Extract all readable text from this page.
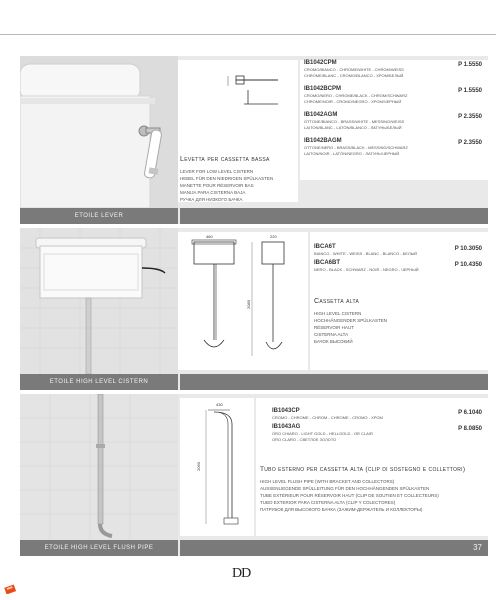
ETOILE LEVER
Levetta per cassetta bassa
LEVER FOR LOW LEVEL CISTERN
HEBEL FÜR DEN NIEDRIGEN SPÜLKASTEN
MANETTE POUR RÉSERVOIR BAS
MANIJA PARA CISTERNA BAJA
РУЧКА ДЛЯ НИЗКОГО БАЧКА
IB1042CPM
CROMO/BIANCO - CHROME/WHITE - CHROM/WEISS
CHROME/BLANC - CROMO/BLANCO - ХРОМ/БЕЛЫЙ
P 1.5550
IB1042BCPM
CROMO/NERO - CHROME/BLACK - CHROM/SCHWARZ
CHROME/NOIR - CROMO/NEGRO - ХРОМ/ЧЕРНЫЙ
P 1.5550
IB1042AGM
OTTONE/BIANCO - BRASS/WHITE - MESSING/WEISS
LAITON/BLANC - LATÓN/BLANCO - ЛАТУНЬ/БЕЛЫЙ
P 2.3550
IB1042BAGM
OTTONE/NERO - BRASS/BLACK - MESSING/SCHWARZ
LAITON/NOIR - LATÓN/NEGRO - ЛАТУНЬ/ЧЕРНЫЙ
P 2.3550
ETOILE HIGH LEVEL CISTERN
460	220
2080
IBCA6T
BIANCO - WHITE - WEISS - BLANC - BLANCO - БЕЛЫЙ
P 10.3050
IBCA6BT
NERO - BLACK - SCHWARZ - NOIR - NEGRO - ЧЕРНЫЙ
P 10.4350
Cassetta alta
HIGH LEVEL CISTERN
HOCHHÄNGENDER SPÜLKASTEN
RÉSERVOIR HAUT
CISTERNA ALTA
БАЧОК ВЫСОКИЙ
ETOILE HIGH LEVEL FLUSH PIPE
430
2060
IB1043CP
CROMO - CHROME - CHROM - CHROME - CROMO - ХРОМ
P 6.1040
IB1043AG
ORO CHIARO - LIGHT GOLD - HELLGOLD - OR CLAIR
ORO CLARO - СВЕТЛОЕ ЗОЛОТО
P 8.0850
Tubo esterno per cassetta alta (clip di sostegno e collettori)
HIGH LEVEL FLUSH PIPE (WITH BRACKET AND COLLECTORS)
AUSSENLIEGENDE SPÜLLEITUNG FÜR DEN HOCHHÄNGENDEN SPÜLKASTEN
TUBE EXTÉRIEUR POUR RÉSERVOIR HAUT (CLIP DE SOUTIEN ET COLLECTEURS)
TUBO EXTERIOR PARA CISTERNA ALTA (CLIP Y COLECTORES)
ПАТРУБОК ДЛЯ ВЫСОКОГО БАЧКА (ЗАЖИМ-ДЕРЖАТЕЛЬ И КОЛЛЕКТОРЫ)
37
DD
